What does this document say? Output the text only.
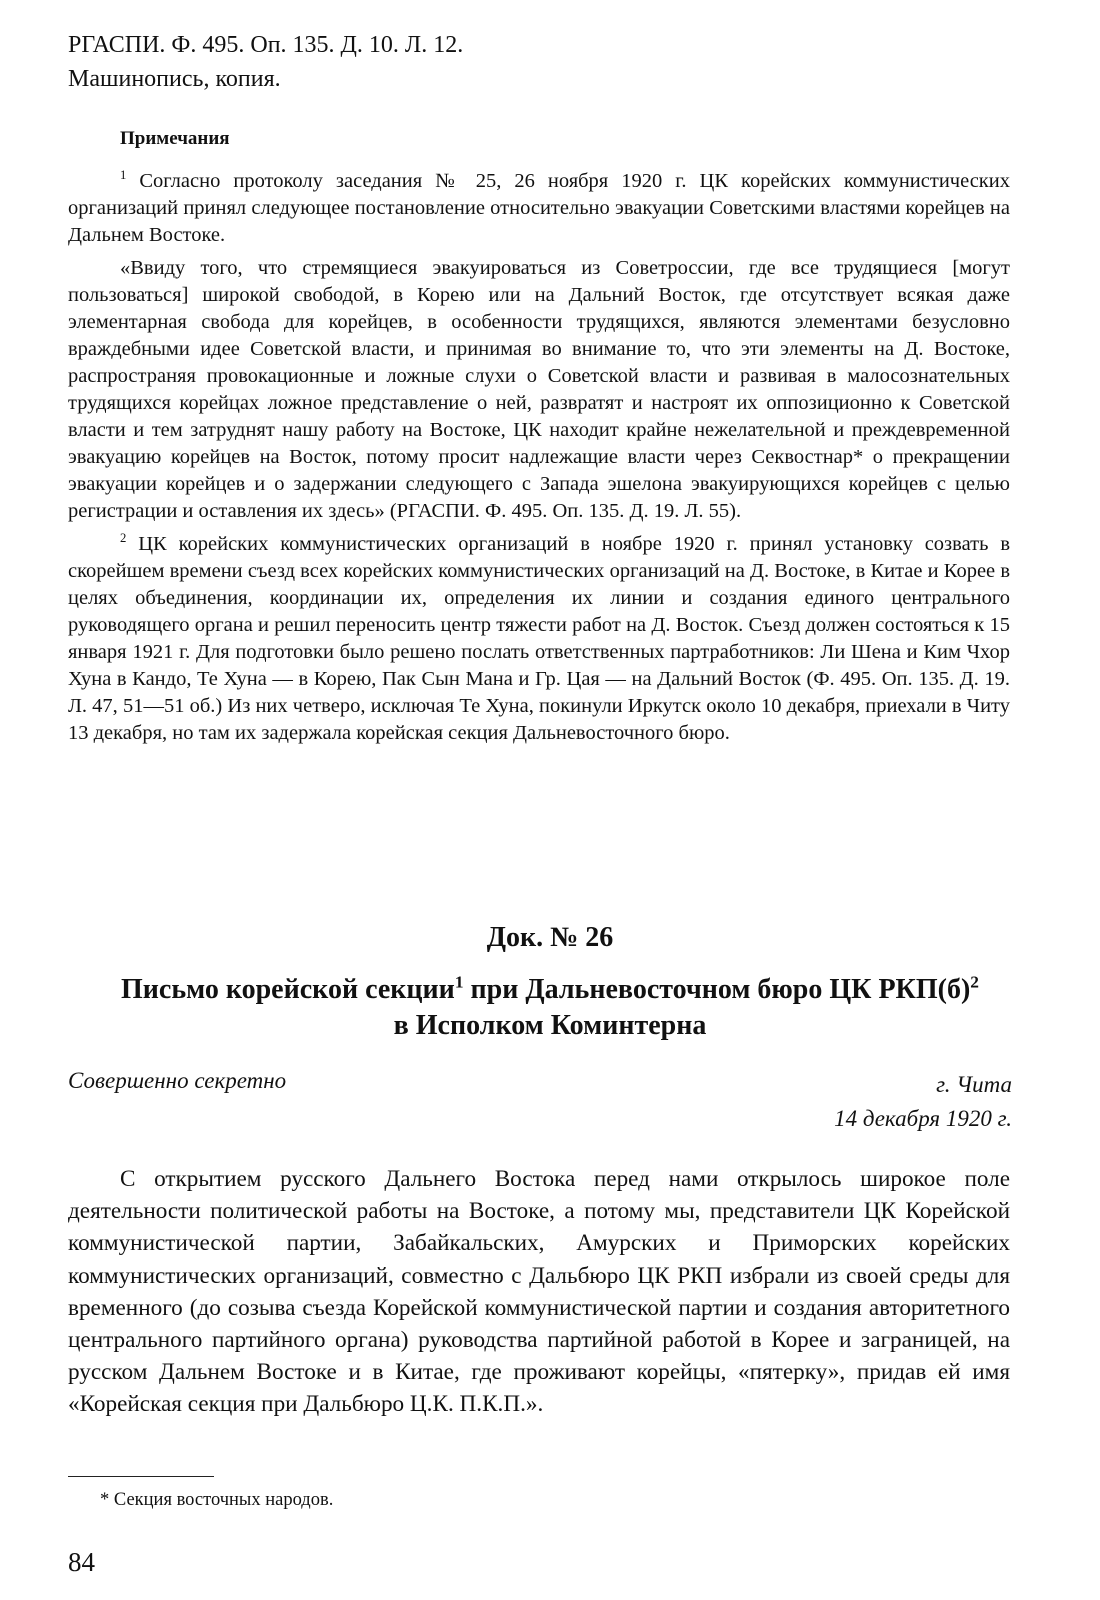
РГАСПИ. Ф. 495. Оп. 135. Д. 10. Л. 12.

Машинопись, копия.

Примечания

$^1$ Согласно протоколу заседания № 25, 26 ноября 1920 г. ЦК корейских коммунистических организаций принял следующее постановление относительно эвакуации Советскими властями корейцев на Дальнем Востоке.

«Ввиду того, что стремящиеся эвакуироваться из Советроссии, где все трудящиеся [могут пользоваться] широкой свободой, в Корею или на Дальний Восток, где отсутствует всякая даже элементарная свобода для корейцев, в особенности трудящихся, являются элементами безусловно враждебными идее Советской власти, и принимая во внимание то, что эти элементы на Д. Востоке, распространяя провокационные и ложные слухи о Советской власти и развивая в малосознательных трудящихся корейцах ложное представление о ней, развратят и настроят их оппозиционно к Советской власти и тем затруднят нашу работу на Востоке, ЦК находит крайне нежелательной и преждевременной эвакуацию корейцев на Восток, потому просит надлежащие власти через Секвостнар* о прекращении эвакуации корейцев и о задержании следующего с Запада эшелона эвакуирующихся корейцев с целью регистрации и оставления их здесь» (РГАСПИ. Ф. 495. Оп. 135. Д. 19. Л. 55).

$^2$ ЦК корейских коммунистических организаций в ноябре 1920 г. принял установку созвать в скорейшем времени съезд всех корейских коммунистических организаций на Д. Востоке, в Китае и Корее в целях объединения, координации их, определения их линии и создания единого центрального руководящего органа и решил переносить центр тяжести работ на Д. Восток. Съезд должен состояться к 15 января 1921 г. Для подготовки было решено послать ответственных партработников: Ли Шена и Ким Чхор Хуна в Кандо, Те Хуна — в Корею, Пак Сын Мана и Гр. Цая — на Дальний Восток (Ф. 495. Оп. 135. Д. 19. Л. 47, 51—51 об.) Из них четверо, исключая Те Хуна, покинули Иркутск около 10 декабря, приехали в Читу 13 декабря, но там их задержала корейская секция Дальневосточного бюро.

Док. № 26
Письмо корейской секции$^1$ при Дальневосточном бюро ЦК $РКП(б)^2$
в Исполком Коминтерна

Совершенно секретно	г. Чита
14 декабря 1920 г.

С открытием русского Дальнего Востока перед нами открылось широкое поле деятельности политической работы на Востоке, а потому мы, представители ЦК Корейской коммунистической партии, Забайкальских, Амурских и Приморских корейских коммунистических организаций, совместно с Дальбюро ЦК РКП избрали из своей среды для временного (до созыва съезда Корейской коммунистической партии и создания авторитетного центрального партийного органа) руководства партийной работой в Корее и заграницей, на русском Дальнем Востоке и в Китае, где проживают корейцы, «пятерку», придав ей имя «Корейская секция при Дальбюро Ц.К. П.К.П.».

* Секция восточных народов.

84
